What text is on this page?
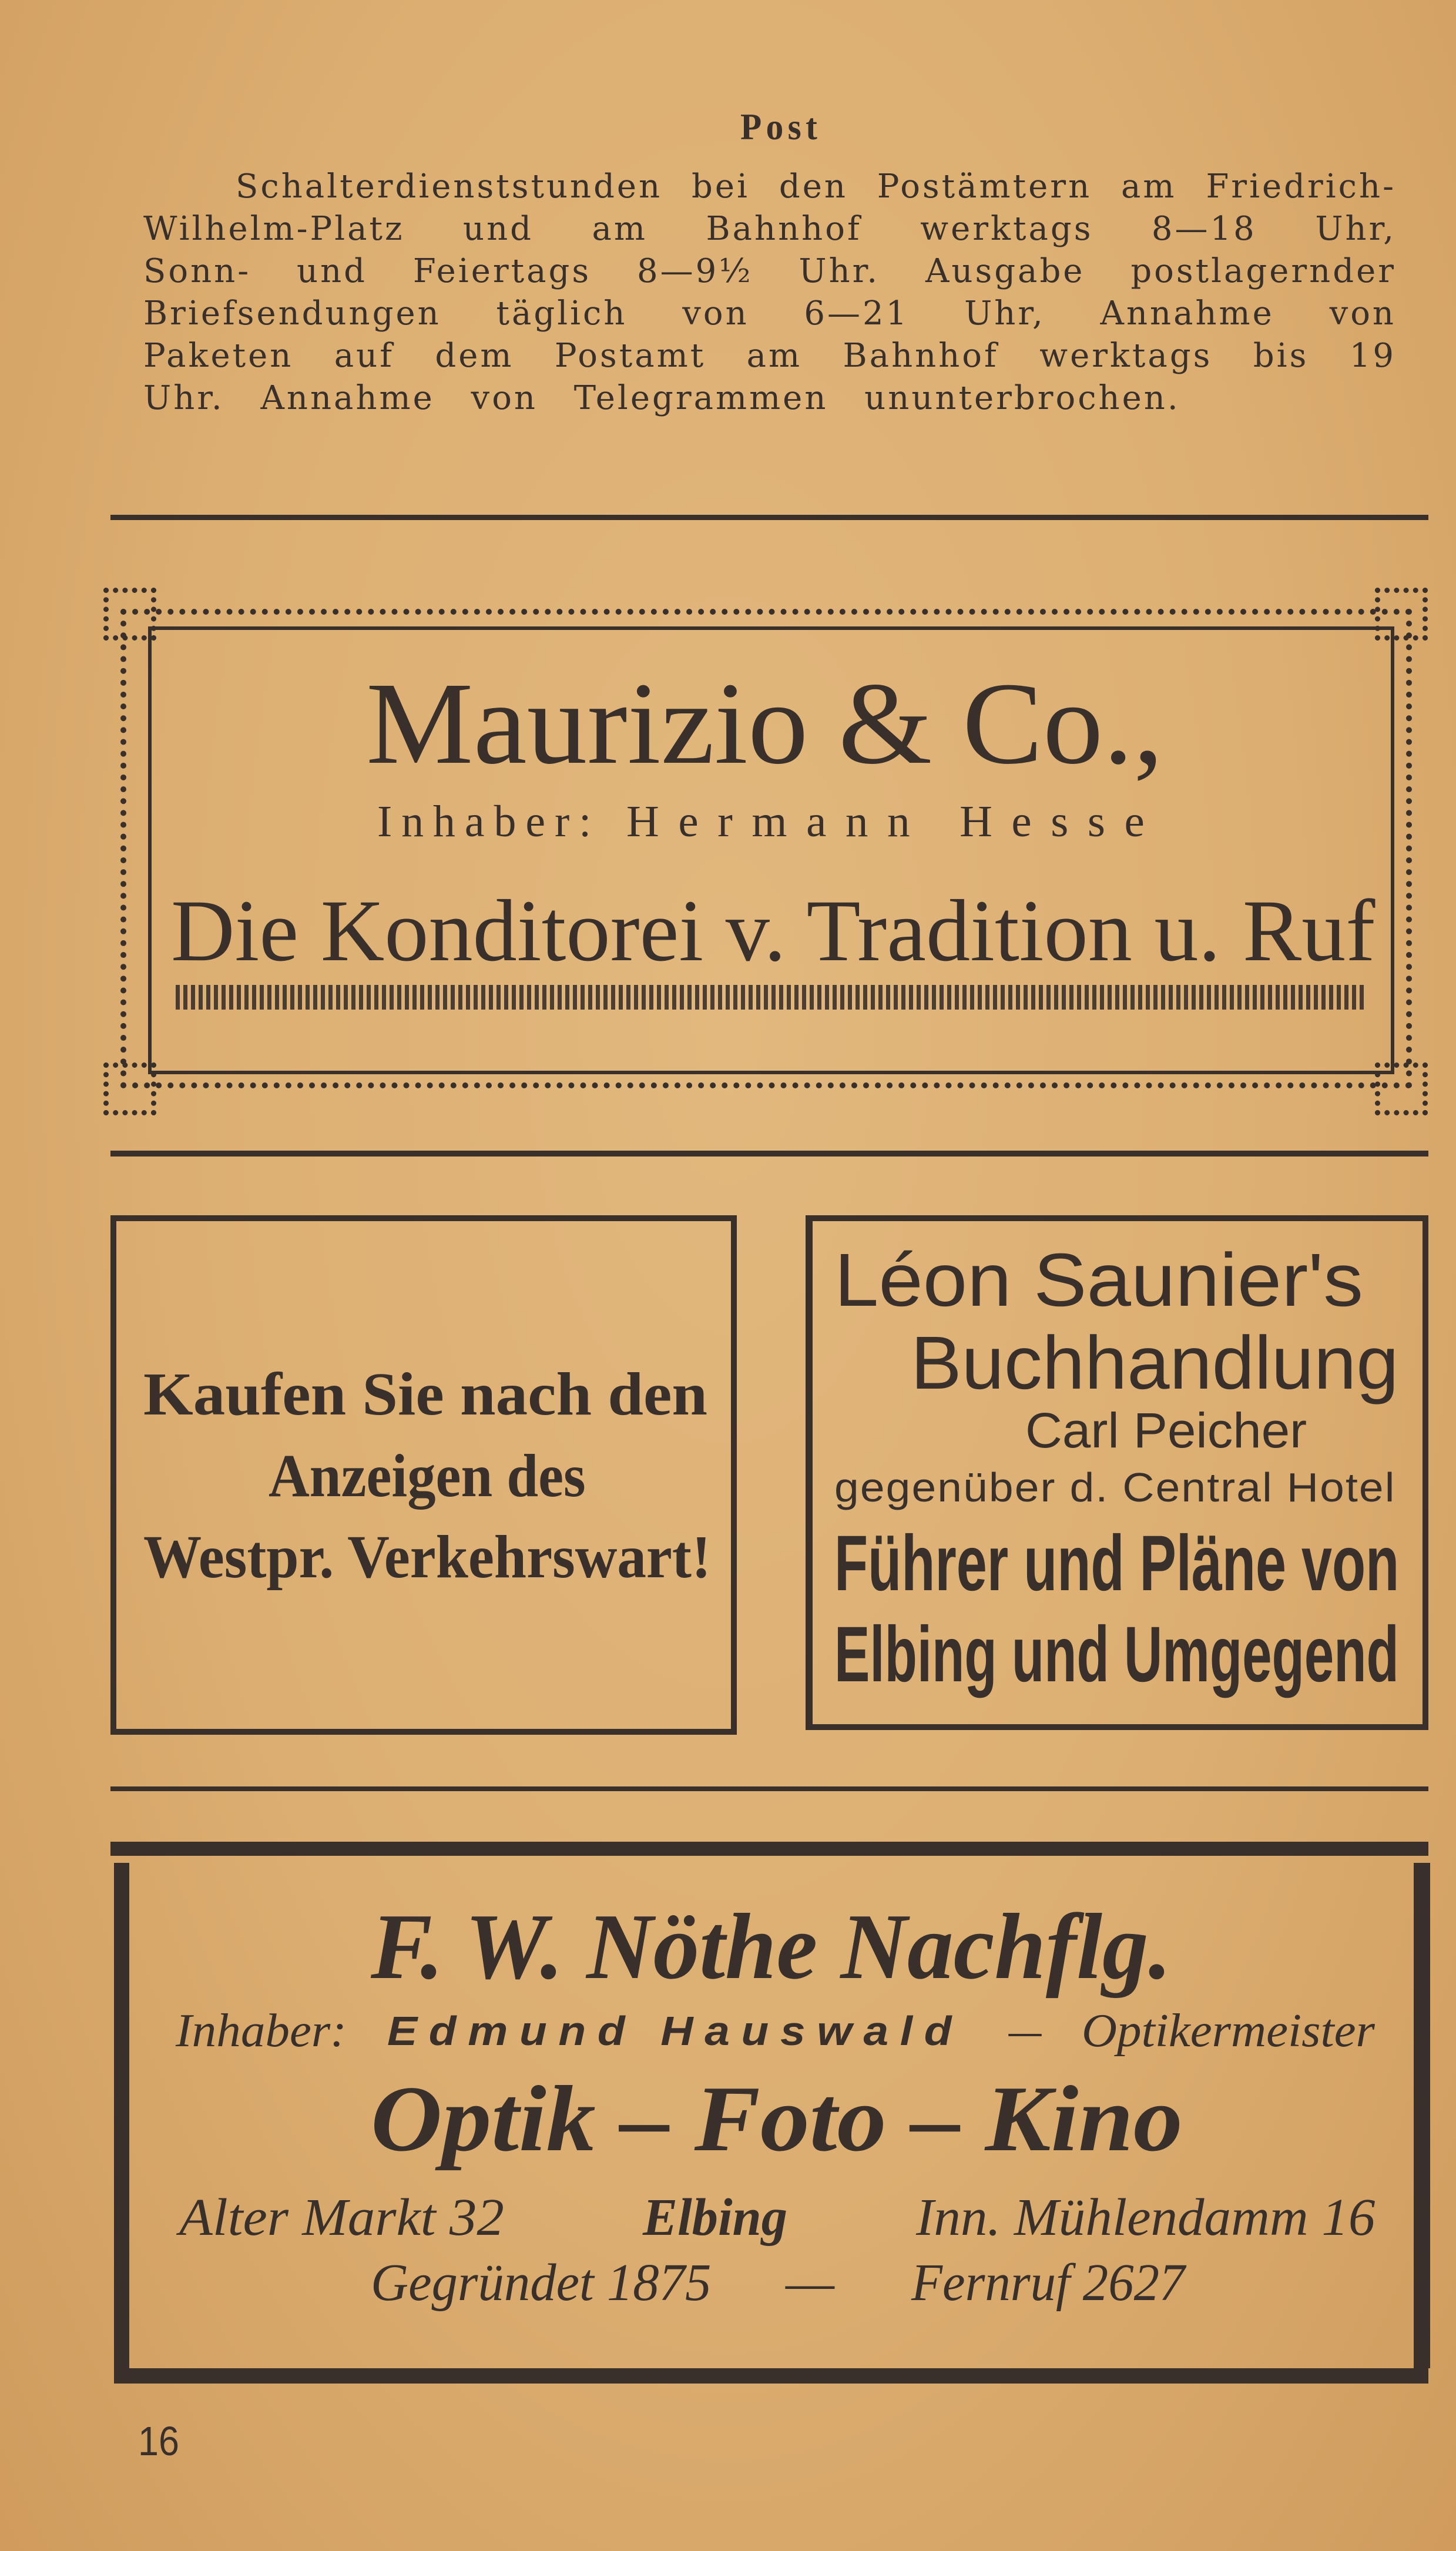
Post
Schalterdienststunden bei den Postämtern am Friedrich-
Wilhelm-Platz und am Bahnhof werktags 8—18 Uhr,
Sonn- und Feiertags 8—9½ Uhr. Ausgabe postlagernder
Briefsendungen täglich von 6—21 Uhr, Annahme von
Paketen auf dem Postamt am Bahnhof werktags bis 19
Uhr. Annahme von Telegrammen ununterbrochen.
Maurizio & Co.,
Inhaber: Hermann Hesse
Die Konditorei v. Tradition u. Ruf
Kaufen Sie nach den
Anzeigen des
Westpr. Verkehrswart!
Léon Saunier's
Buchhandlung
Carl Peicher
gegenüber d. Central Hotel
Führer und Pläne von
Elbing und Umgegend
F. W. Nöthe Nachflg.
Inhaber: Edmund Hauswald – Optikermeister
Optik – Foto – Kino
Alter Markt 32	Elbing Inn. Mühlendamm 16
Gegründet 1875 — Fernruf 2627
16
